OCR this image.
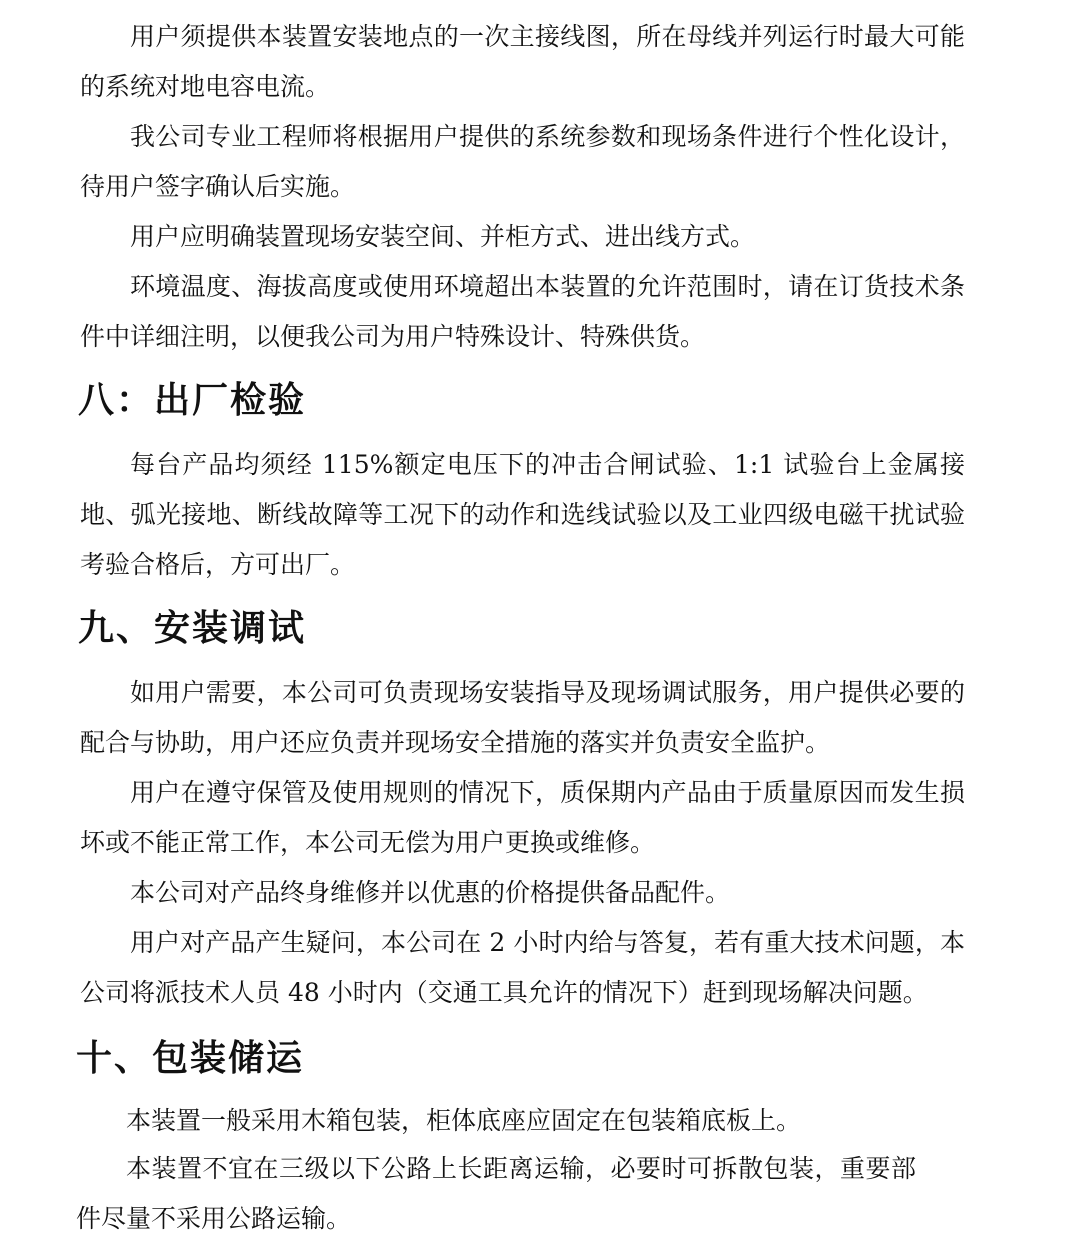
用户须提供本装置安装地点的一次主接线图，所在母线并列运行时最大可能的系统对地电容电流。

我公司专业工程师将根据用户提供的系统参数和现场条件进行个性化设计，待用户签字确认后实施。

用户应明确装置现场安装空间、并柜方式、进出线方式。

环境温度、海拔高度或使用环境超出本装置的允许范围时，请在订货技术条件中详细注明，以便我公司为用户特殊设计、特殊供货。

八：出厂检验

每台产品均须经 115%额定电压下的冲击合闸试验、1:1 试验台上金属接地、弧光接地、断线故障等工况下的动作和选线试验以及工业四级电磁干扰试验考验合格后，方可出厂。

九、安装调试

如用户需要，本公司可负责现场安装指导及现场调试服务，用户提供必要的配合与协助，用户还应负责并现场安全措施的落实并负责安全监护。

用户在遵守保管及使用规则的情况下，质保期内产品由于质量原因而发生损坏或不能正常工作，本公司无偿为用户更换或维修。

本公司对产品终身维修并以优惠的价格提供备品配件。

用户对产品产生疑问，本公司在 2 小时内给与答复，若有重大技术问题，本公司将派技术人员 48 小时内（交通工具允许的情况下）赶到现场解决问题。

十、包装储运

本装置一般采用木箱包装，柜体底座应固定在包装箱底板上。

本装置不宜在三级以下公路上长距离运输，必要时可拆散包装，重要部件尽量不采用公路运输。
